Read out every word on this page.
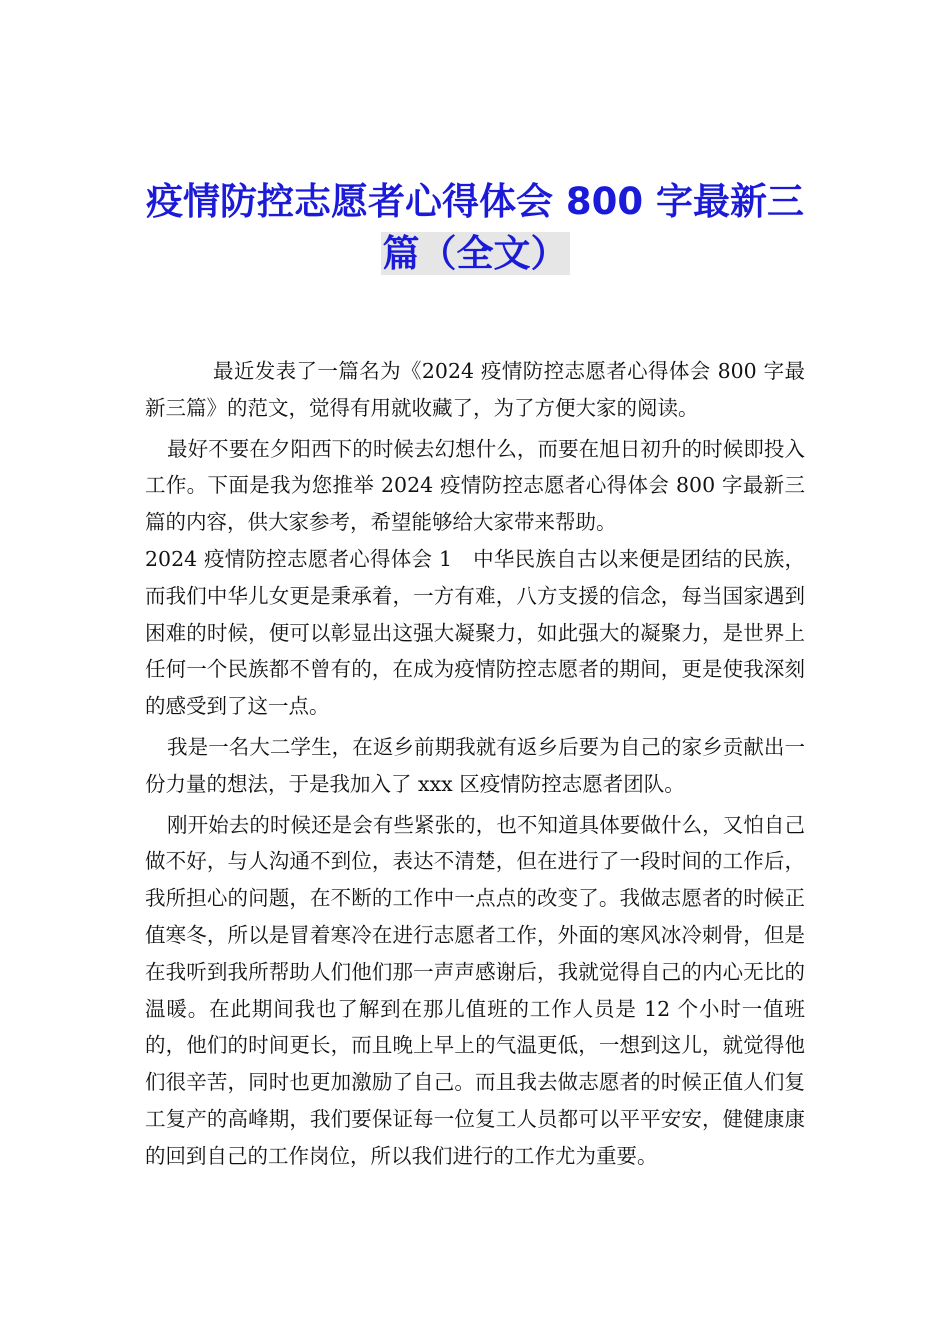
疫情防控志愿者心得体会 800 字最新三
篇（全文）

最近发表了一篇名为《2024 疫情防控志愿者心得体会 800 字最新三篇》的范文，觉得有用就收藏了，为了方便大家的阅读。

最好不要在夕阳西下的时候去幻想什么，而要在旭日初升的时候即投入工作。下面是我为您推举 2024 疫情防控志愿者心得体会 800 字最新三篇的内容，供大家参考，希望能够给大家带来帮助。

2024 疫情防控志愿者心得体会 1　中华民族自古以来便是团结的民族，而我们中华儿女更是秉承着，一方有难，八方支援的信念，每当国家遇到困难的时候，便可以彰显出这强大凝聚力，如此强大的凝聚力，是世界上任何一个民族都不曾有的，在成为疫情防控志愿者的期间，更是使我深刻的感受到了这一点。

我是一名大二学生，在返乡前期我就有返乡后要为自己的家乡贡献出一份力量的想法，于是我加入了 xxx 区疫情防控志愿者团队。

刚开始去的时候还是会有些紧张的，也不知道具体要做什么，又怕自己做不好，与人沟通不到位，表达不清楚，但在进行了一段时间的工作后，我所担心的问题，在不断的工作中一点点的改变了。我做志愿者的时候正值寒冬，所以是冒着寒冷在进行志愿者工作，外面的寒风冰冷刺骨，但是在我听到我所帮助人们他们那一声声感谢后，我就觉得自己的内心无比的温暖。在此期间我也了解到在那儿值班的工作人员是 12 个小时一值班的，他们的时间更长，而且晚上早上的气温更低，一想到这儿，就觉得他们很辛苦，同时也更加激励了自己。而且我去做志愿者的时候正值人们复工复产的高峰期，我们要保证每一位复工人员都可以平平安安，健健康康的回到自己的工作岗位，所以我们进行的工作尤为重要。
